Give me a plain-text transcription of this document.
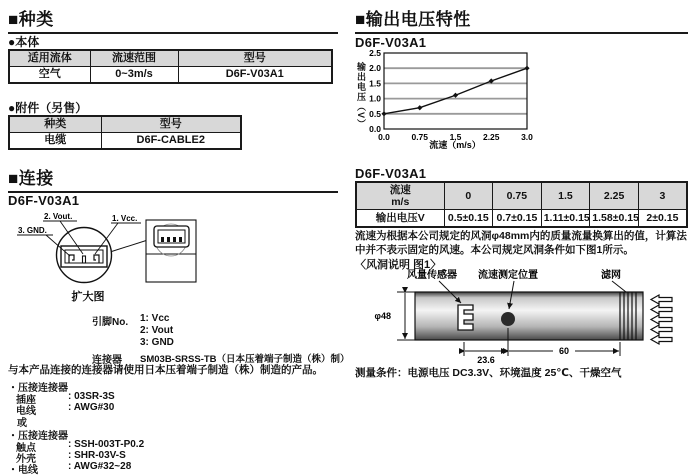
■种类
●本体
适用流体	流速范围	型号
空气	0~3m/s	D6F-V03A1
●附件（另售）
种类	型号
电缆	D6F-CABLE2
■连接
D6F-V03A1
2. Vout.	1. Vcc.
3. GND.
扩大图
引脚No.	1: Vcc
2: Vout
3: GND
连接器	SM03B-SRSS-TB（日本压着端子制造（株）制）
与本产品连接的连接器请使用日本压着端子制造（株）制造的产品。
・压接连接器
插座	: 03SR-3S
电线	: AWG#30
或
・压接连接器
触点	: SSH-003T-P0.2
外壳	: SHR-03V-S
・电线	: AWG#32~28
■输出电压特性
D6F-V03A1
输出电压（V）
流速（m/s）
0.0
0.5
1.0
1.5
2.0
2.5
0.0	0.75	1.5	2.25	3.0
D6F-V03A1
流速
m/s	0	0.75	1.5	2.25	3
输出电压V	0.5±0.15	0.7±0.15	1.11±0.15	1.58±0.15	2±0.15
流速为根据本公司规定的风洞φ48mm内的质量流量换算出的值，计算法中并不表示固定的风速。本公司规定风洞条件如下图1所示。
〈风洞说明 图1〉
风量传感器 流速测定位置	滤网
φ48
23.6
60
测量条件：电源电压 DC3.3V、环境温度 25℃、干燥空气
